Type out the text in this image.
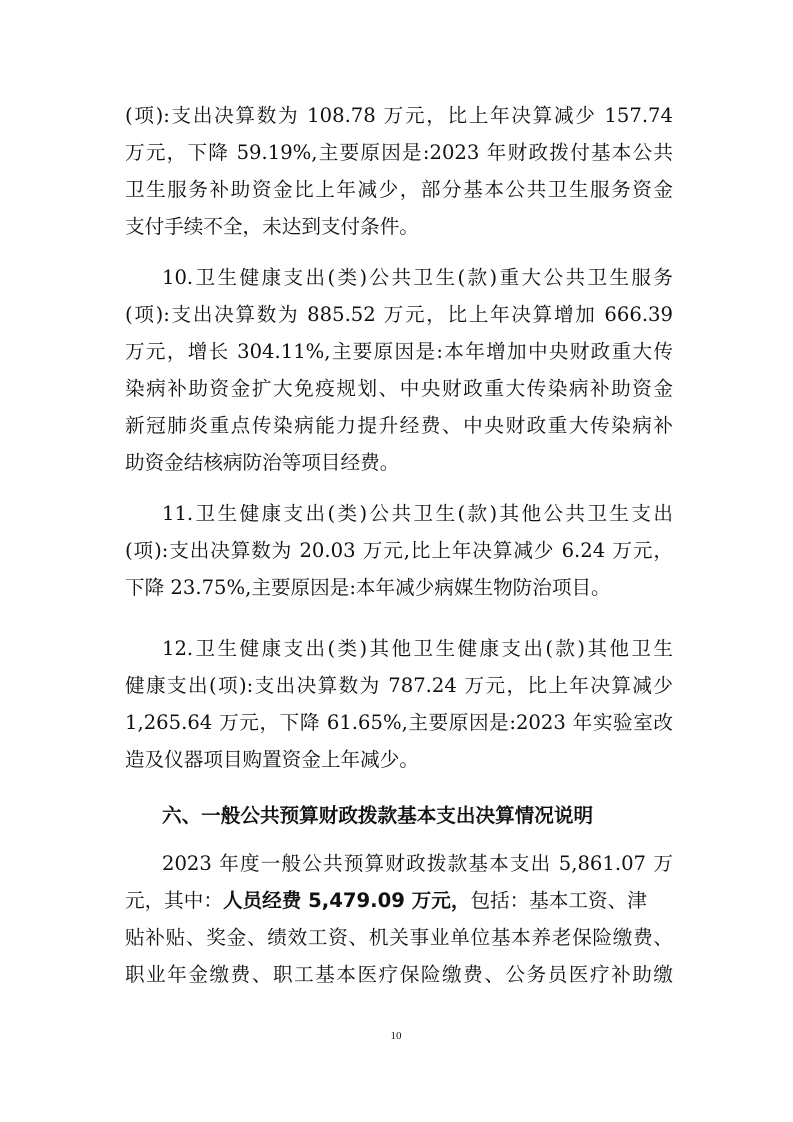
(项):支出决算数为 108.78 万元，比上年决算减少 157.74
万元，下降 59.19%,主要原因是:2023 年财政拨付基本公共
卫生服务补助资金比上年减少，部分基本公共卫生服务资金
支付手续不全，未达到支付条件。
10.卫生健康支出(类)公共卫生(款)重大公共卫生服务
(项):支出决算数为 885.52 万元，比上年决算增加 666.39
万元，增长 304.11%,主要原因是:本年增加中央财政重大传
染病补助资金扩大免疫规划、中央财政重大传染病补助资金
新冠肺炎重点传染病能力提升经费、中央财政重大传染病补
助资金结核病防治等项目经费。
11.卫生健康支出(类)公共卫生(款)其他公共卫生支出
(项):支出决算数为 20.03 万元,比上年决算减少 6.24 万元，
下降 23.75%,主要原因是:本年减少病媒生物防治项目。
12.卫生健康支出(类)其他卫生健康支出(款)其他卫生
健康支出(项):支出决算数为 787.24 万元，比上年决算减少
1,265.64 万元，下降 61.65%,主要原因是:2023 年实验室改
造及仪器项目购置资金上年减少。
六、一般公共预算财政拨款基本支出决算情况说明
2023 年度一般公共预算财政拨款基本支出 5,861.07 万
元，其中：人员经费 5,479.09 万元，包括：基本工资、津
贴补贴、奖金、绩效工资、机关事业单位基本养老保险缴费、
职业年金缴费、职工基本医疗保险缴费、公务员医疗补助缴
10
